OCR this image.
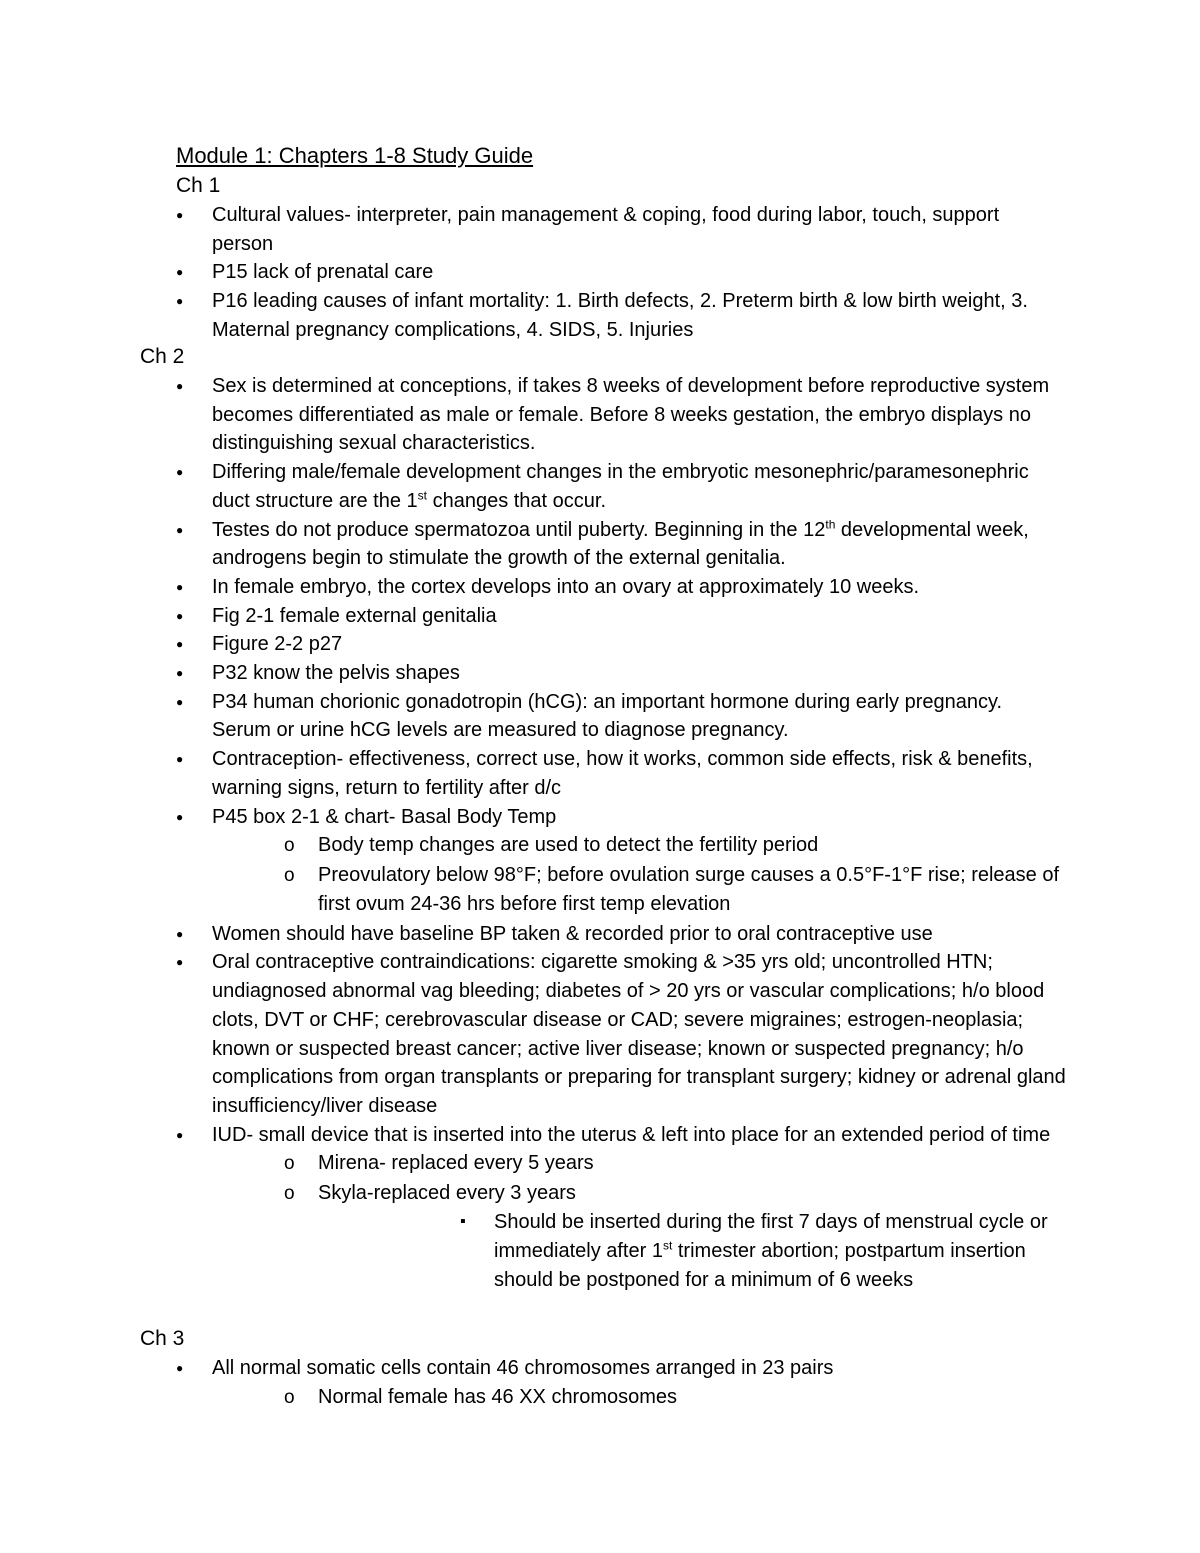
Module 1: Chapters 1-8 Study Guide
Ch 1
● Cultural values- interpreter, pain management & coping, food during labor, touch, support person
● P15 lack of prenatal care
● P16 leading causes of infant mortality: 1. Birth defects, 2. Preterm birth & low birth weight, 3. Maternal pregnancy complications, 4. SIDS, 5. Injuries
Ch 2
● Sex is determined at conceptions, if takes 8 weeks of development before reproductive system becomes differentiated as male or female. Before 8 weeks gestation, the embryo displays no distinguishing sexual characteristics.
● Differing male/female development changes in the embryotic mesonephric/paramesonephric duct structure are the 1st changes that occur.
● Testes do not produce spermatozoa until puberty. Beginning in the 12th developmental week, androgens begin to stimulate the growth of the external genitalia.
● In female embryo, the cortex develops into an ovary at approximately 10 weeks.
● Fig 2-1 female external genitalia
● Figure 2-2 p27
● P32 know the pelvis shapes
● P34 human chorionic gonadotropin (hCG): an important hormone during early pregnancy. Serum or urine hCG levels are measured to diagnose pregnancy.
● Contraception- effectiveness, correct use, how it works, common side effects, risk & benefits, warning signs, return to fertility after d/c
● P45 box 2-1 & chart- Basal Body Temp
o Body temp changes are used to detect the fertility period
o Preovulatory below 98°F; before ovulation surge causes a 0.5°F-1°F rise; release of first ovum 24-36 hrs before first temp elevation
● Women should have baseline BP taken & recorded prior to oral contraceptive use
● Oral contraceptive contraindications: cigarette smoking & >35 yrs old; uncontrolled HTN; undiagnosed abnormal vag bleeding; diabetes of > 20 yrs or vascular complications; h/o blood clots, DVT or CHF; cerebrovascular disease or CAD; severe migraines; estrogen-neoplasia; known or suspected breast cancer; active liver disease; known or suspected pregnancy; h/o complications from organ transplants or preparing for transplant surgery; kidney or adrenal gland insufficiency/liver disease
● IUD- small device that is inserted into the uterus & left into place for an extended period of time
o Mirena- replaced every 5 years
o Skyla-replaced every 3 years
▪ Should be inserted during the first 7 days of menstrual cycle or immediately after 1st trimester abortion; postpartum insertion should be postponed for a minimum of 6 weeks
Ch 3
● All normal somatic cells contain 46 chromosomes arranged in 23 pairs
o Normal female has 46 XX chromosomes
